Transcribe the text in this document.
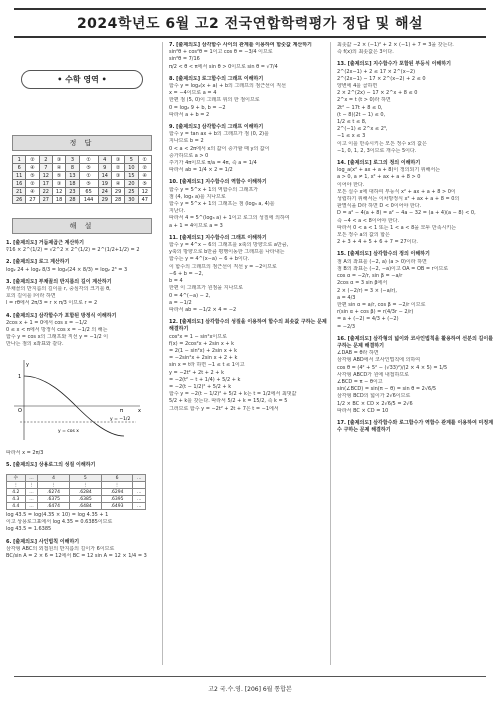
2024학년도 6월 고2 전국연합학력평가 정답 및 해설
• 수학 영역 •
정 답
1	②	2	③	3	①	4	③	5	①
6	④	7	④	8	⑤	9	②	10	②
11	⑤	12	⑤	13	①	14	③	15	④
16	②	17	③	18	⑤	19	④	20	⑤
21	④	22	12	23	65	24	29	25	12
26	27	27	18	28	144	29	28	30	47
해 설
1. [출제의도] 거듭제곱근 계산하기
∜16 × 2^(1/2) = √2^2 × 2^(1/2) = 2^(1/2+1/2) = 2
2. [출제의도] 로그 계산하기
log₂ 24 + log₂ 8/3 = log₂(24 × 8/3) = log₂ 2³ = 3
3. [출제의도] 부채꼴의 반지름의 길이 계산하기
부채꼴의 반지름의 길이를 r, 중심각의 크기를 θ,
호의 길이를 l이라 하면
l = rθ에서 2π/3 = r × π/3 이므로 r = 2
4. [출제의도] 삼각함수가 포함된 방정식 이해하기
2cos x + 1 = 0에서 cos x = −1/2
0 ≤ x < π에서 방정식 cos x = −1/2 의 해는
함수 y = cos x의 그래프와 직선 y = −1/2 이
만나는 점의 x좌표와 같다.
y
O	x
1
π
y = cos x
y = −1/2
따라서 x = 2π/3
5. [출제의도] 상용로그의 성질 이해하기
수	…	4	5	6	…
⋮	⋮	⋮	⋮	⋮	
4.2	…	.6274	.6284	.6294	…
4.3	…	.6375	.6385	.6395	…
4.4	…	.6474	.6484	.6493	…
log 43.5 = log(4.35 × 10) = log 4.35 + 1
이고 상용로그표에서 log 4.35 = 0.6385이므로
log 43.5 = 1.6385
6. [출제의도] 사인법칙 이해하기
삼각형 ABC의 외접원의 반지름의 길이가 6이므로
BC/sin A = 2 × 6 = 12에서 BC = 12 sin A = 12 × 1/4 = 3
7. [출제의도] 삼각함수 사이의 관계를 이용하여 함숫값 계산하기
sin²θ + cos²θ = 1이고 cos θ = −3/4 이므로
sin²θ = 7/16
π/2 < θ < π에서 sin θ > 0이므로 sin θ = √7/4
8. [출제의도] 로그함수의 그래프 이해하기
함수 y = log₂(x + a) + b의 그래프의 점근선이 직선
x = −4이므로 a = 4
한편 점 (5, 0)이 그래프 위의 한 점이므로
0 = log₂ 9 + b, b = −2
따라서 a + b = 2
9. [출제의도] 삼각함수의 그래프 이해하기
함수 y = tan ax + b의 그래프가 점 (0, 2)를
지나므로 b = 2
0 < a < 2π에서 x의 값이 증가할 때 y의 값이
증가하므로 a > 0
주기가 4π이므로 π/a = 4π, 즉 a = 1/4
따라서 ab = 1/4 × 2 = 1/2
10. [출제의도] 지수함수의 역함수 이해하기
함수 y = 5^x + 1의 역함수의 그래프가
점 (4, log₃ a)를 지나므로
함수 y = 5^x + 1의 그래프는 점 (log₃ a, 4)를
지난다.
따라서 4 = 5^(log₃ a) + 1이고 로그의 성질에 의하여
a + 1 = 4이므로 a = 3
11. [출제의도] 지수함수의 그래프 이해하기
함수 y = 4^x − 6의 그래프를 x축의 방향으로 a만큼,
y축의 방향으로 b만큼 평행이동한 그래프를 나타내는
함수는 y = 4^(x−a) − 6 + b이다.
이 함수의 그래프의 점근선이 직선 y = −2이므로
−6 + b = −2,
b = 4
한편 이 그래프가 원점을 지나므로
0 = 4^(−a) − 2,
a = −1/2
따라서 ab = −1/2 × 4 = −2
12. [출제의도] 삼각함수의 성질을 이용하여 함수의 최솟값 구하는 문제 해결하기
cos²x = 1 − sin²x이므로
f(x) = 2cos²x + 2sin x + k
= 2(1 − sin²x) + 2sin x + k
= −2sin²x + 2sin x + 2 + k
sin x = t라 하면 −1 ≤ t ≤ 1이고
y = −2t² + 2t + 2 + k
= −2(t² − t + 1/4) + 5/2 + k
= −2(t − 1/2)² + 5/2 + k
함수 y = −2(t − 1/2)² + 5/2 + k는 t = 1/2에서 최댓값
5/2 + k를 갖는다. 따라서 5/2 + k = 15/2, 즉 k = 5
그러므로 함수 y = −2t² + 2t + 7은 t = −1에서
최솟값 −2 × (−1)² + 2 × (−1) + 7 = 3을 갖는다.
즉 f(x)의 최솟값은 3이다.
13. [출제의도] 지수함수가 포함된 부등식 이해하기
2^(2x−1) + 2 ≤ 17 × 2^(x−2)
2^(2x−1) − 17 × 2^(x−2) + 2 ≤ 0
양변에 4를 곱하면
2 × 2^(2x) − 17 × 2^x + 8 ≤ 0
2^x = t (t > 0)라 하면
2t² − 17t + 8 ≤ 0,
(t − 8)(2t − 1) ≤ 0,
1/2 ≤ t ≤ 8,
2^(−1) ≤ 2^x ≤ 2³,
−1 ≤ x ≤ 3
이고 이를 만족시키는 모든 정수 x의 값은
−1, 0, 1, 2, 3이므로 개수는 5이다.
14. [출제의도] 로그의 정의 이해하기
log_a(x² + ax + a + 8)이 정의되기 위해서는
a > 0, a ≠ 1, x² + ax + a + 8 > 0
이어야 한다.
모든 실수 x에 대하여 부등식 x² + ax + a + 8 > 0이
성립하기 위해서는 이차방정식 x² + ax + a + 8 = 0의
판별식을 D라 하면 D < 0이어야 한다.
D = a² − 4(a + 8) = a² − 4a − 32 = (a + 4)(a − 8) < 0,
즉 −4 < a < 8이어야 한다.
따라서 0 < a < 1 또는 1 < a < 8을 모두 만족시키는
모든 정수 a의 값의 합은
2 + 3 + 4 + 5 + 6 + 7 = 27이다.
15. [출제의도] 삼각함수의 정의 이해하기
점 A의 좌표를 (−2, a) (a > 0)이라 하면
점 B의 좌표는 (−2, −a)이고 OA = OB = r이므로
cos α = −2/r, sin β = −a/r
2cos α = 3 sin β에서
2 × (−2/r) = 3 × (−a/r),
a = 4/3
한편 sin α = a/r, cos β = −2/r 이므로
r(sin α + cos β) = r(4/3r − 2/r)
= a + (−2) = 4/3 + (−2)
= −2/3
16. [출제의도] 삼각형의 넓이와 코사인법칙을 활용하여 선분의 길이를 구하는 문제 해결하기
∠DAB = θ라 하면
삼각형 ABD에서 코사인법칙에 의하여
cos θ = (4² + 5² − (√33)²)/(2 × 4 × 5) = 1/5
사각형 ABCD가 원에 내접하므로
∠BCD = π − θ이고
sin(∠BCD) = sin(π − θ) = sin θ = 2√6/5
삼각형 BCD의 넓이가 2√6이므로
1/2 × BC × CD × 2√6/5 = 2√6
따라서 BC × CD = 10
17. [출제의도] 삼각함수와 로그함수가 역함수 관계를 이용하여 미정계수 구하는 문제 해결하기
고2 국.수.영. [206] 6월 통합본
